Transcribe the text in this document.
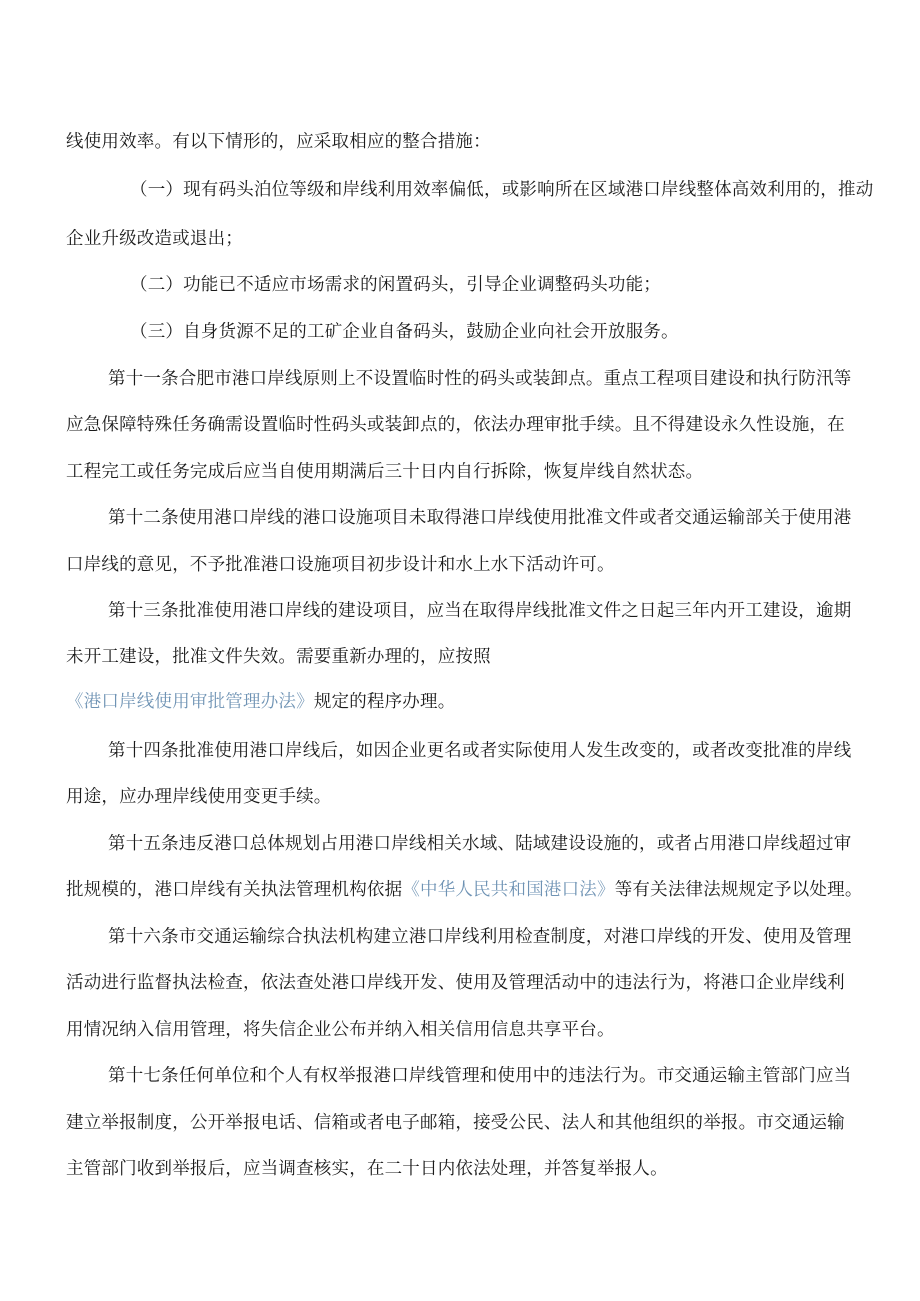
线使用效率。有以下情形的，应采取相应的整合措施：
（一）现有码头泊位等级和岸线利用效率偏低，或影响所在区域港口岸线整体高效利用的，推动
企业升级改造或退出；
（二）功能已不适应市场需求的闲置码头，引导企业调整码头功能；
（三）自身货源不足的工矿企业自备码头，鼓励企业向社会开放服务。
第十一条合肥市港口岸线原则上不设置临时性的码头或装卸点。重点工程项目建设和执行防汛等
应急保障特殊任务确需设置临时性码头或装卸点的，依法办理审批手续。且不得建设永久性设施，在
工程完工或任务完成后应当自使用期满后三十日内自行拆除，恢复岸线自然状态。
第十二条使用港口岸线的港口设施项目未取得港口岸线使用批准文件或者交通运输部关于使用港
口岸线的意见，不予批准港口设施项目初步设计和水上水下活动许可。
第十三条批准使用港口岸线的建设项目，应当在取得岸线批准文件之日起三年内开工建设，逾期
未开工建设，批准文件失效。需要重新办理的，应按照
《港口岸线使用审批管理办法》规定的程序办理。
第十四条批准使用港口岸线后，如因企业更名或者实际使用人发生改变的，或者改变批准的岸线
用途，应办理岸线使用变更手续。
第十五条违反港口总体规划占用港口岸线相关水域、陆域建设设施的，或者占用港口岸线超过审
批规模的，港口岸线有关执法管理机构依据《中华人民共和国港口法》等有关法律法规规定予以处理。
第十六条市交通运输综合执法机构建立港口岸线利用检查制度，对港口岸线的开发、使用及管理
活动进行监督执法检查，依法查处港口岸线开发、使用及管理活动中的违法行为，将港口企业岸线利
用情况纳入信用管理，将失信企业公布并纳入相关信用信息共享平台。
第十七条任何单位和个人有权举报港口岸线管理和使用中的违法行为。市交通运输主管部门应当
建立举报制度，公开举报电话、信箱或者电子邮箱，接受公民、法人和其他组织的举报。市交通运输
主管部门收到举报后，应当调查核实，在二十日内依法处理，并答复举报人。
